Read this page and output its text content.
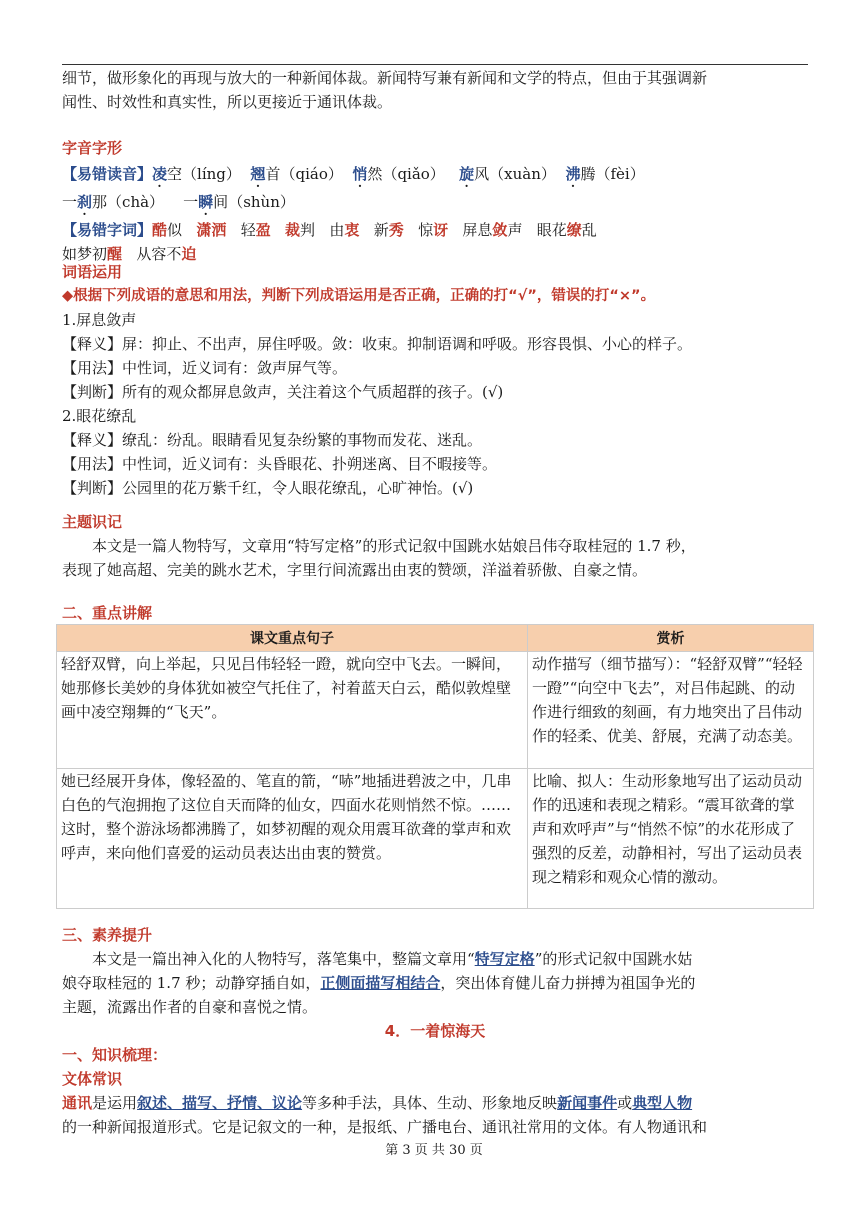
细节，做形象化的再现与放大的一种新闻体裁。新闻特写兼有新闻和文学的特点，但由于其强调新

闻性、时效性和真实性，所以更接近于通讯体裁。

字音字形

【易错读音】凌空（líng） 翘首（qiáo） 悄然（qiǎo） 旋风（xuàn） 沸腾（fèi）

一刹那（chà） 一瞬间（shùn）

【易错字词】酷似 潇洒 轻盈 裁判 由衷 新秀 惊讶 屏息敛声 眼花缭乱

如梦初醒 从容不迫

词语运用

◆根据下列成语的意思和用法，判断下列成语运用是否正确，正确的打“√”，错误的打“×”。

1.屏息敛声

【释义】屏：抑止、不出声，屏住呼吸。敛：收束。抑制语调和呼吸。形容畏惧、小心的样子。

【用法】中性词，近义词有：敛声屏气等。

【判断】所有的观众都屏息敛声，关注着这个气质超群的孩子。(√)

2.眼花缭乱

【释义】缭乱：纷乱。眼睛看见复杂纷繁的事物而发花、迷乱。

【用法】中性词，近义词有：头昏眼花、扑朔迷离、目不暇接等。

【判断】公园里的花万紫千红，令人眼花缭乱，心旷神怡。(√)

主题识记

本文是一篇人物特写，文章用“特写定格”的形式记叙中国跳水姑娘吕伟夺取桂冠的 1.7 秒，

表现了她高超、完美的跳水艺术，字里行间流露出由衷的赞颂，洋溢着骄傲、自豪之情。

二、重点讲解

课文重点句子	赏析
轻舒双臂，向上举起，只见吕伟轻轻一蹬，就向空中飞去。一瞬间，她那修长美妙的身体犹如被空气托住了，衬着蓝天白云，酷似敦煌壁画中凌空翔舞的“飞天”。	动作描写（细节描写）：“轻舒双臂”“轻轻一蹬”“向空中飞去”，对吕伟起跳、的动作进行细致的刻画，有力地突出了吕伟动作的轻柔、优美、舒展，充满了动态美。
她已经展开身体，像轻盈的、笔直的箭，“哧”地插进碧波之中，几串白色的气泡拥抱了这位自天而降的仙女，四面水花则悄然不惊。……这时，整个游泳场都沸腾了，如梦初醒的观众用震耳欲聋的掌声和欢呼声，来向他们喜爱的运动员表达出由衷的赞赏。	比喻、拟人：生动形象地写出了运动员动作的迅速和表现之精彩。“震耳欲聋的掌声和欢呼声”与“悄然不惊”的水花形成了强烈的反差，动静相衬，写出了运动员表现之精彩和观众心情的激动。

三、素养提升

本文是一篇出神入化的人物特写，落笔集中，整篇文章用“特写定格”的形式记叙中国跳水姑

娘夺取桂冠的 1.7 秒；动静穿插自如，正侧面描写相结合，突出体育健儿奋力拼搏为祖国争光的

主题，流露出作者的自豪和喜悦之情。

4．一着惊海天

一、知识梳理：

文体常识

通讯是运用叙述、描写、抒情、议论等多种手法，具体、生动、形象地反映新闻事件或典型人物

的一种新闻报道形式。它是记叙文的一种，是报纸、广播电台、通讯社常用的文体。有人物通讯和

第 3 页 共 30 页
